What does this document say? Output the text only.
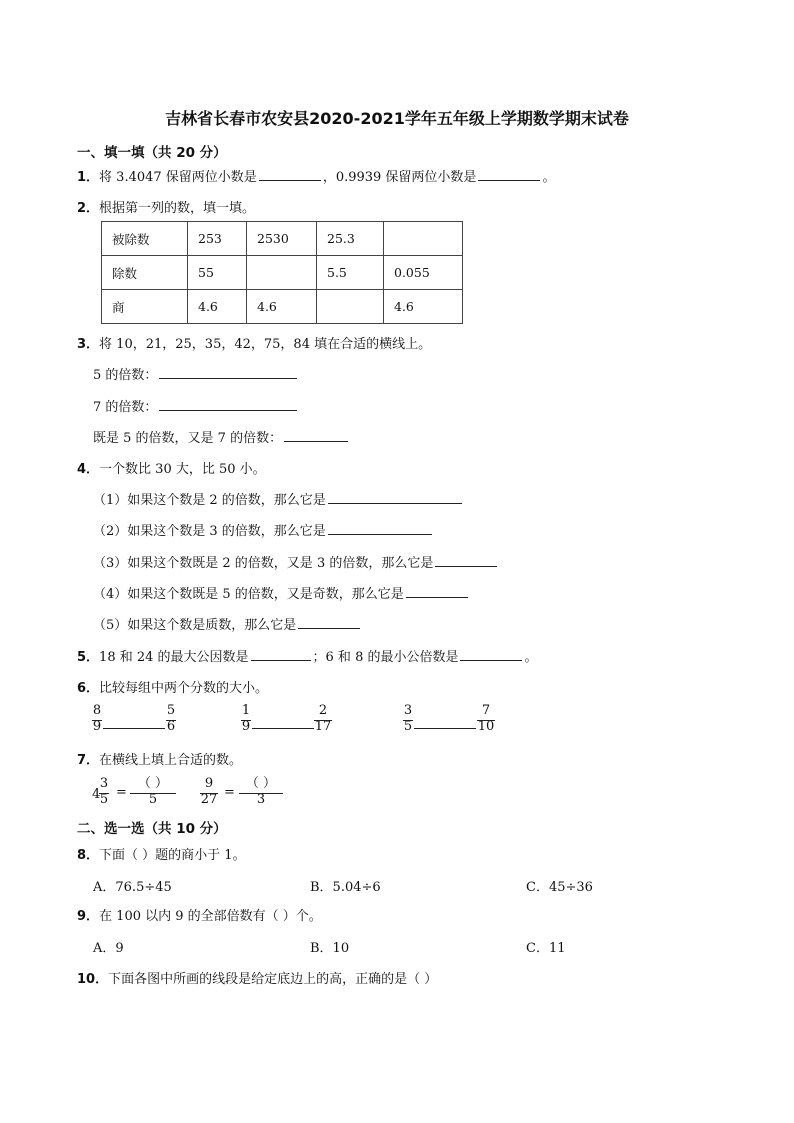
吉林省长春市农安县2020-2021学年五年级上学期数学期末试卷
一、填一填（共 20 分）
1．将 3.4047 保留两位小数是	，0.9939 保留两位小数是	。
2．根据第一列的数，填一填。
被除数	253	2530	25.3	
除数	55		5.5	0.055
商	4.6	4.6		4.6
3．将 10，21，25，35，42，75，84 填在合适的横线上。
5 的倍数：
7 的倍数：
既是 5 的倍数，又是 7 的倍数：
4．一个数比 30 大，比 50 小。
（1）如果这个数是 2 的倍数，那么它是
（2）如果这个数是 3 的倍数，那么它是
（3）如果这个数既是 2 的倍数，又是 3 的倍数，那么它是
（4）如果这个数既是 5 的倍数，又是奇数，那么它是
（5）如果这个数是质数，那么它是
5．18 和 24 的最大公因数是	；6 和 8 的最小公倍数是	。
6．比较每组中两个分数的大小。
8
9
5
6
1
9
2
17
3
5
7
10
7．在横线上填上合适的数。
4
3
5 =
（ ）
5
9
27 =
（ ）
3
二、选一选（共 10 分）
8．下面（ ）题的商小于 1。
A．76.5÷45	B．5.04÷6	C．45÷36
9．在 100 以内 9 的全部倍数有（ ）个。
A．9	B．10	C．11
10．下面各图中所画的线段是给定底边上的高，正确的是（ ）
